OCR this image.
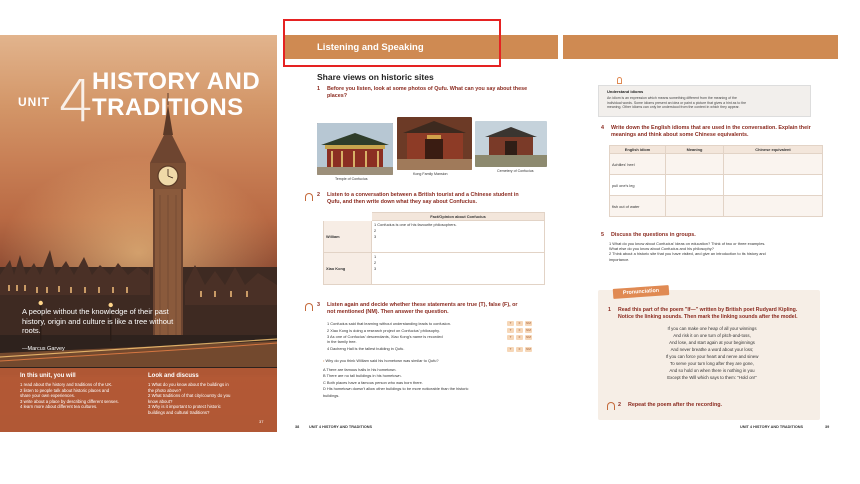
UNIT 4
HISTORY AND
TRADITIONS
A people without the knowledge of their past history, origin and culture is like a tree without roots.
—Marcus Garvey
In this unit, you will
1 read about the history and traditions of the UK.
2 listen to people talk about historic places and
share your own experiences.
3 write about a place by describing different senses.
4 learn more about different tea cultures.
Look and discuss
1 What do you know about the buildings in
the photo above?
2 What traditions of that city/country do you
know about?
3 Why is it important to protect historic
buildings and cultural traditions?
37
Listening and Speaking
Share views on historic sites
1 Before you listen, look at some photos of Qufu. What can you say about these
places?
Temple of Confucius
Kong Family Mansion
Cemetery of Confucius
2 Listen to a conversation between a British tourist and a Chinese student in
Qufu, and then write down what they say about Confucius.
	Fact/Opinion about Confucius
William	1 Confucius is one of his favourite philosophers.
2
3

Xiao Kong	1
2
3
3 Listen again and decide whether these statements are true (T), false (F), or
not mentioned (NM). Then answer the question.
1 Confucius said that learning without understanding leads to confusion.
2 Xiao Kong is doing a research project on Confucius' philosophy.
3 As one of Confucius' descendants, Xiao Kong's name is recorded
in the family tree.
4 Dacheng Hall is the tallest building in Qufu.
T	F	NM
T	F	NM
T	F	NM
T	F	NM
• Why do you think William said his hometown was similar to Qufu?
A There are famous halls in his hometown.
B There are no tall buildings in his hometown.
C Both places have a famous person who was born there.
D His hometown doesn't allow other buildings to be more noticeable than the historic
buildings.
38	UNIT 4 HISTORY AND TRADITIONS
Understand idioms
An idiom is an expression which means something different from the meaning of the
individual words. Some idioms present an idea or paint a picture that gives a hint as to the
meaning. Other idioms can only be understood from the context in which they appear.
4 Write down the English idioms that are used in the conversation. Explain their
meanings and think about some Chinese equivalents.
English idiom	Meaning	Chinese equivalent
Achilles' heel		
pull one's leg		
fish out of water		
5 Discuss the questions in groups.
1 What do you know about Confucius' ideas on education? Think of two or three examples.
What else do you know about Confucius and his philosophy?
2 Think about a historic site that you have visited, and give an introduction to its history and
importance.
Pronunciation
1 Read this part of the poem "If—" written by British poet Rudyard Kipling.
Notice the linking sounds. Then mark the linking sounds after the model.
If you can make one heap of all your winnings
And risk it on one turn of pitch-and-toss,
And lose, and start again at your beginnings
And never breathe a word about your loss;
If you can force your heart and nerve and sinew
To serve your turn long after they are gone,
And so hold on when there is nothing in you
Except the Will which says to them: "Hold on!"
2 Repeat the poem after the recording.
UNIT 4 HISTORY AND TRADITIONS	39
